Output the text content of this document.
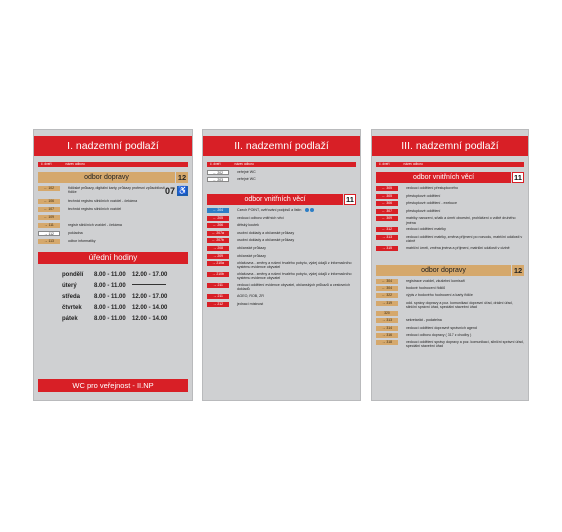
I. nadzemní podlaží
č. dveří	název odboru
odbor dopravy	12
← 102	řidičské průkazy, digitální karty, průkazy profesní způsobilosti řidiče	07 ♿
← 106	technici registru silničních vozidel - čekárna
← 107	technici registru silničních vozidel
← 109
→ 111	registr silničních vozidel - čekárna
→ 112	pokladna
→ 113	odbor informatiky
úřední hodiny
pondělí	8.00 - 11.00	12.00 - 17.00
úterý	8.00 - 11.00
středa	8.00 - 11.00	12.00 - 17.00
čtvrtek	8.00 - 11.00	12.00 - 14.00
pátek	8.00 - 11.00	12.00 - 14.00
WC pro veřejnost - II.NP
II. nadzemní podlaží
č. dveří	název odboru
← 202	veřejné WC
← 203	veřejné WC
odbor vnitřních věcí	11
← 204	Czech POINT, ověřování podpisů a listin
← 205	vedoucí odboru vnitřních věcí
← 206	dětský koutek
← 207a	osobní doklady a občanské průkazy
← 207b	osobní doklady a občanské průkazy
→ 208	občanské průkazy
→ 209	občanské průkazy
→ 210a	ohlašovna - změny a rušení trvalého pobytu, výdej údajů z informačního systému evidence obyvatel
→ 210b	ohlašovna - změny a rušení trvalého pobytu, výdej údajů z informačního systému evidence obyvatel
→ 211	vedoucí oddělení evidence obyvatel, občanských průkazů a cestovních dokladů
→ 211	AGEO, ROB, ZR
→ 212	jednací místnost
III. nadzemní podlaží
č. dveří	název odboru
odbor vnitřních věcí	11
← 305	vedoucí oddělení přestupkového
← 305	přestupkové oddělení
← 306	přestupkové oddělení - exekuce
← 307	přestupkové oddělení
← 309	matriky narození, sňatk a úmrtí obcestní, prohlášení o volbě druhého jména
← 312	vedoucí oddělení matriky
→ 313	vedoucí oddělení matriky, změna příjmení po rozvodu, matriční události v cizině
→ 315	matriční úmrtí, změna jména a příjmení, matriční události v cizině
odbor dopravy	12
← 304	registrace vozidel, zkušební komisaři
← 304	bodové hodnocení řidičů
← 322	výpis z bodového hodnocení a karty řidiče
→ 319	odd. správy dopravy a poz. komunikací dopravní úřad, drážní úřad, silniční správní úřad, speciální stavební úřad
320
→ 313	sekretariát - podatelna
→ 314	vedoucí oddělení dopravně správních agend
→ 316	vedoucí odboru dopravy ( 317 z chodby )
→ 318	vedoucí oddělení správy dopravy a poz. komunikací, silniční správní úřad, speciální stavební úřad
